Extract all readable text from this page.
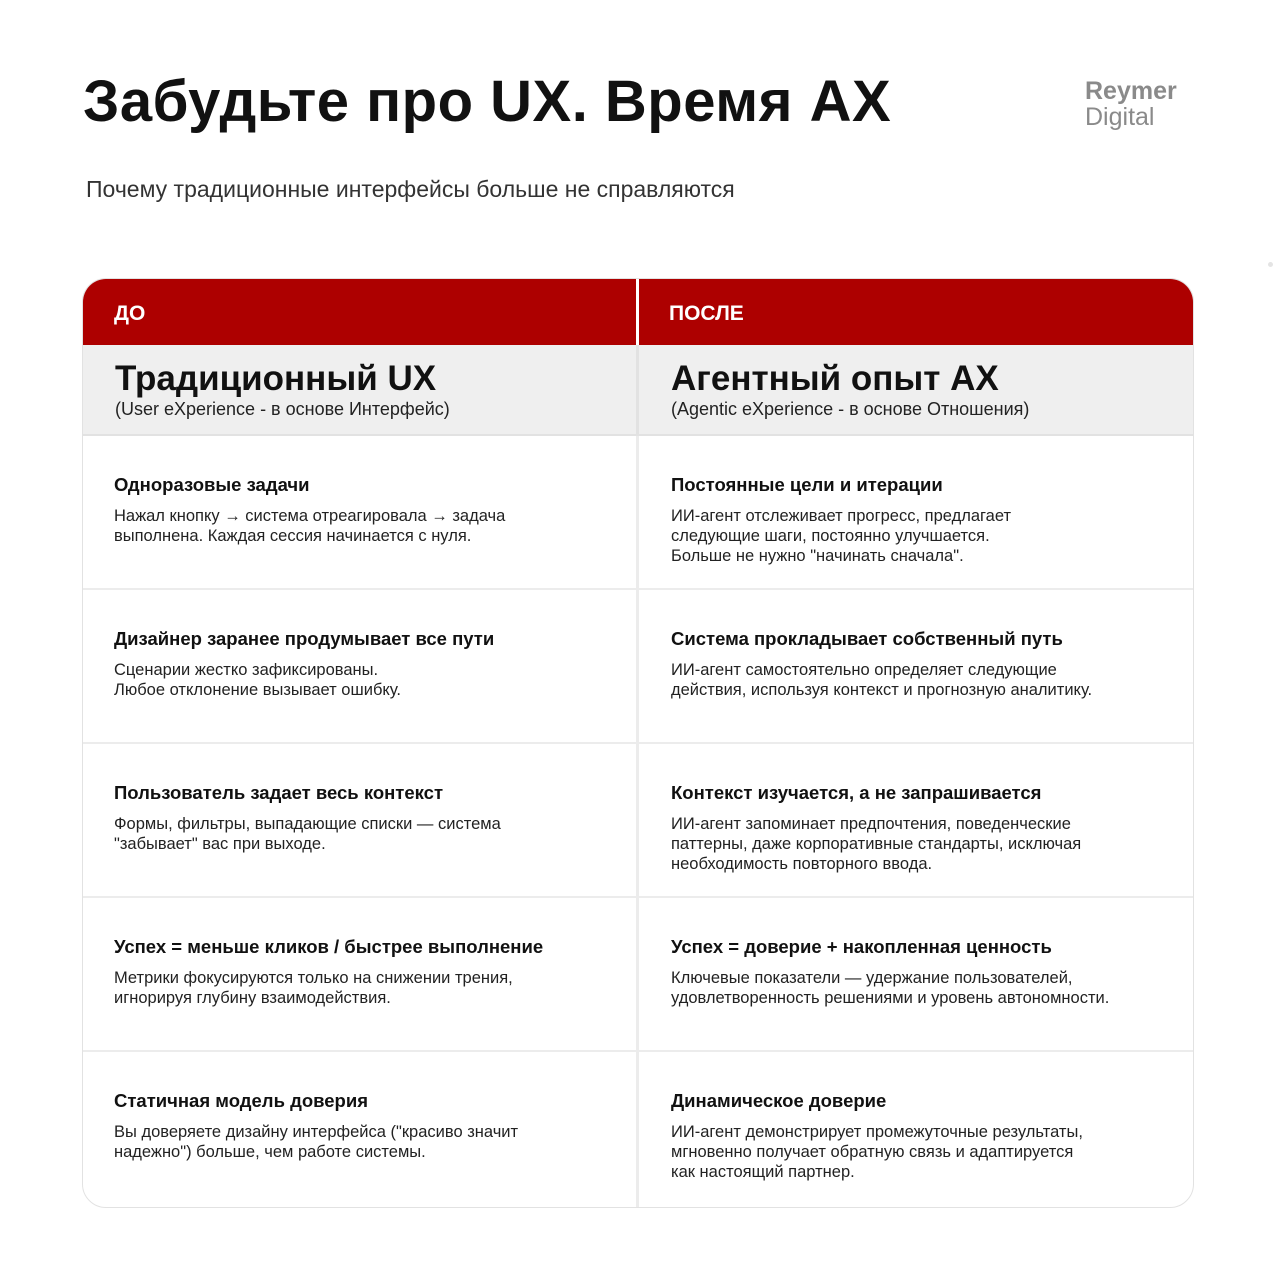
Забудьте про UX. Время AX	Reymer
Digital

Почему традиционные интерфейсы больше не справляются

ДО	ПОСЛЕ
Традиционный UX
(User eXperience - в основе Интерфейс)
Агентный опыт AX
(Agentic eXperience - в основе Отношения)
Одноразовые задачи
Нажал кнопку → система отреагировала → задача
выполнена. Каждая сессия начинается с нуля.
Постоянные цели и итерации
ИИ-агент отслеживает прогресс, предлагает
следующие шаги, постоянно улучшается.
Больше не нужно "начинать сначала".
Дизайнер заранее продумывает все пути
Сценарии жестко зафиксированы.
Любое отклонение вызывает ошибку.
Система прокладывает собственный путь
ИИ-агент самостоятельно определяет следующие
действия, используя контекст и прогнозную аналитику.
Пользователь задает весь контекст
Формы, фильтры, выпадающие списки — система
"забывает" вас при выходе.
Контекст изучается, а не запрашивается
ИИ-агент запоминает предпочтения, поведенческие
паттерны, даже корпоративные стандарты, исключая
необходимость повторного ввода.
Успех = меньше кликов / быстрее выполнение
Метрики фокусируются только на снижении трения,
игнорируя глубину взаимодействия.
Успех = доверие + накопленная ценность
Ключевые показатели — удержание пользователей,
удовлетворенность решениями и уровень автономности.
Статичная модель доверия
Вы доверяете дизайну интерфейса ("красиво значит
надежно") больше, чем работе системы.
Динамическое доверие
ИИ-агент демонстрирует промежуточные результаты,
мгновенно получает обратную связь и адаптируется
как настоящий партнер.
